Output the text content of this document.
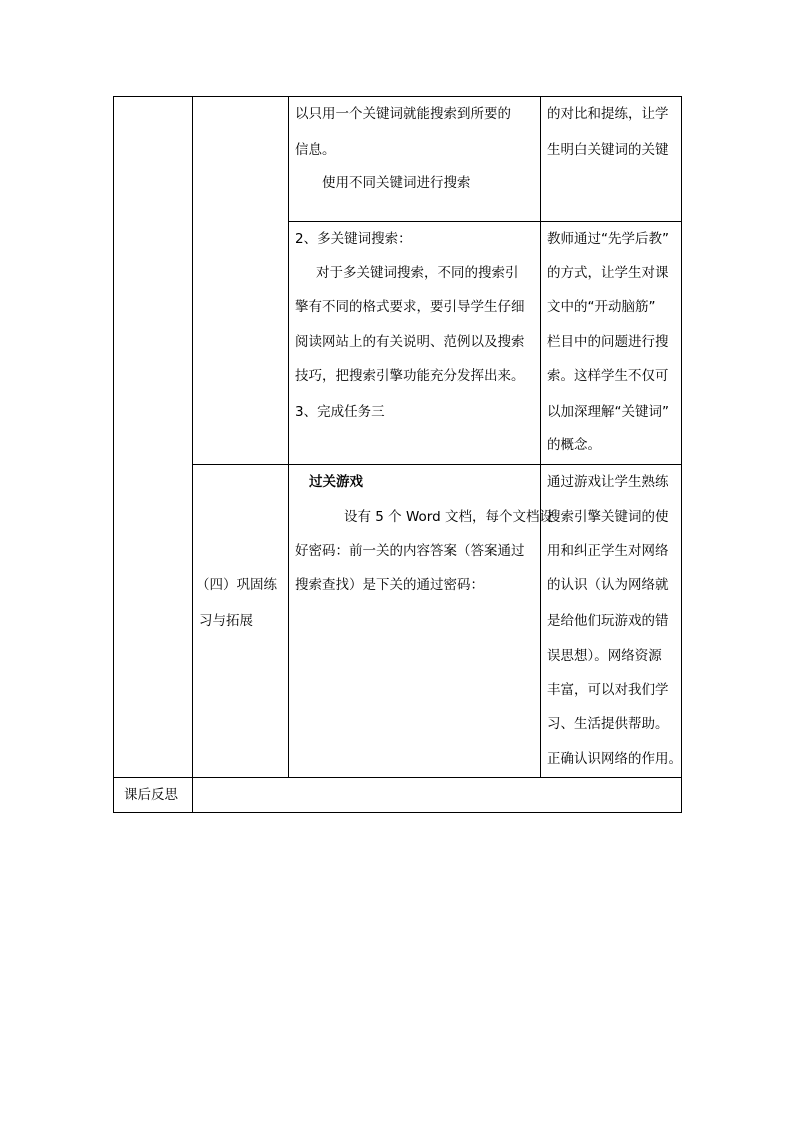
以只用一个关键词就能搜索到所要的
信息。
使用不同关键词进行搜索
的对比和提练，让学
生明白关键词的关键
2、多关键词搜索：
对于多关键词搜索，不同的搜索引
擎有不同的格式要求，要引导学生仔细
阅读网站上的有关说明、范例以及搜索
技巧，把搜索引擎功能充分发挥出来。
3、完成任务三
教师通过“先学后教”
的方式，让学生对课
文中的“开动脑筋”
栏目中的问题进行搜
索。这样学生不仅可
以加深理解“关键词”
的概念。
（四）巩固练
习与拓展
过关游戏
设有 5 个 Word 文档，每个文档设
好密码：前一关的内容答案（答案通过
搜索查找）是下关的通过密码：
通过游戏让学生熟练
搜索引擎关键词的使
用和纠正学生对网络
的认识（认为网络就
是给他们玩游戏的错
误思想）。网络资源
丰富，可以对我们学
习、生活提供帮助。
正确认识网络的作用。
课后反思
